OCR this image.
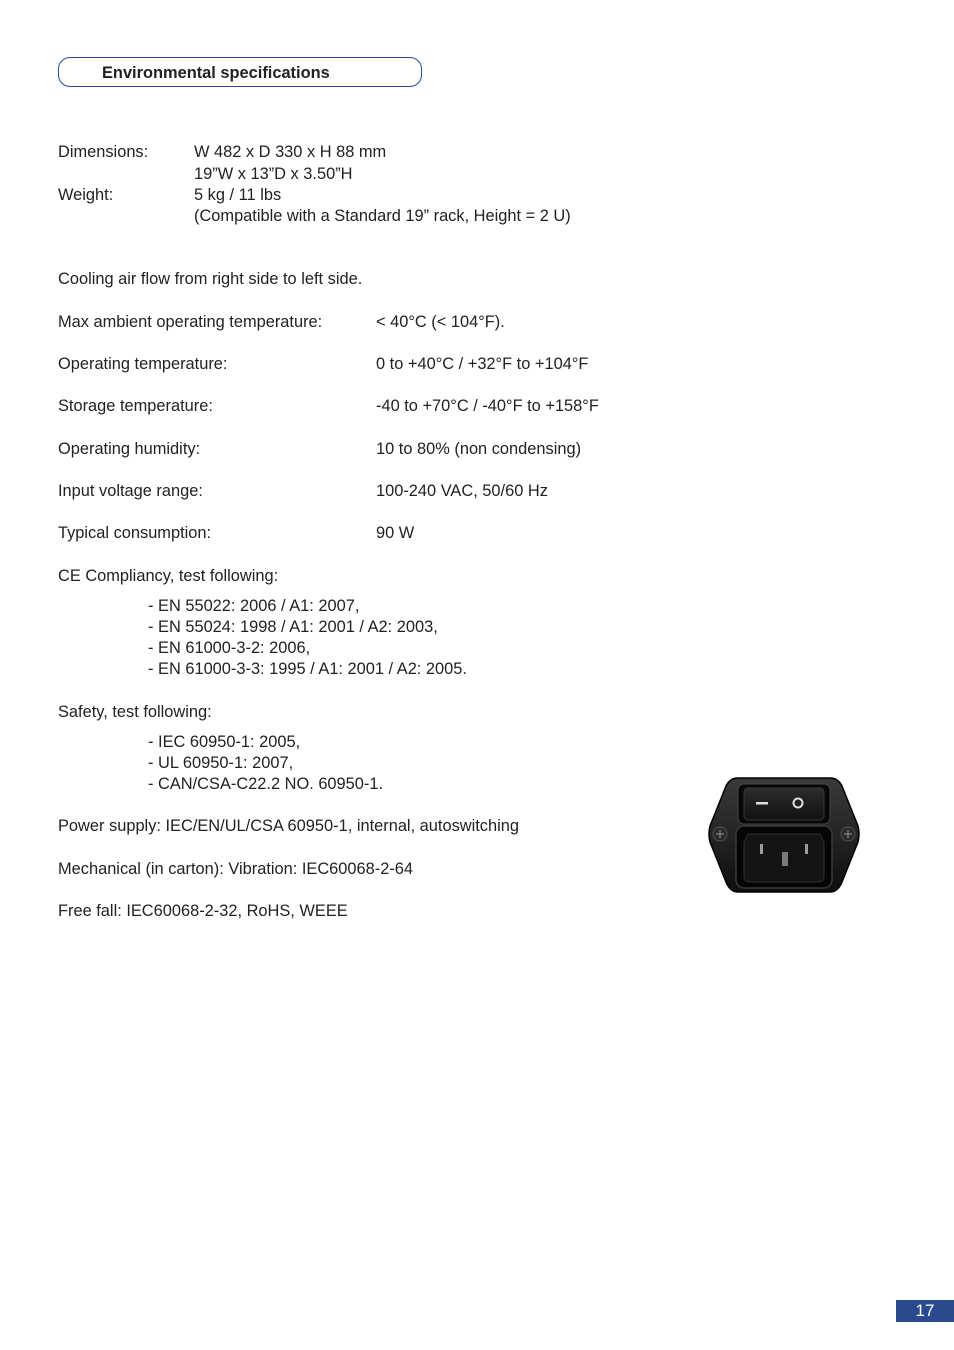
Environmental specifications
Dimensions:	W 482 x D 330 x H 88 mm
19”W x 13”D x 3.50”H
Weight:	5 kg / 11 lbs
(Compatible with a Standard 19” rack, Height = 2 U)
Cooling air flow from right side to left side.
Max ambient operating temperature:	< 40°C (< 104°F).
Operating temperature:	0 to +40°C / +32°F to +104°F
Storage temperature:	-40 to +70°C / -40°F to +158°F
Operating humidity:	10 to 80% (non condensing)
Input voltage range:	100-240 VAC, 50/60 Hz
Typical consumption:	90 W
CE Compliancy, test following:
- EN 55022: 2006 / A1: 2007,
- EN 55024: 1998 / A1: 2001 / A2: 2003,
- EN 61000-3-2: 2006,
- EN 61000-3-3: 1995 / A1: 2001 / A2: 2005.
Safety, test following:
- IEC 60950-1: 2005,
- UL 60950-1: 2007,
- CAN/CSA-C22.2 NO. 60950-1.
Power supply: IEC/EN/UL/CSA 60950-1, internal, autoswitching
Mechanical (in carton): Vibration: IEC60068-2-64
Free fall: IEC60068-2-32, RoHS, WEEE
17
